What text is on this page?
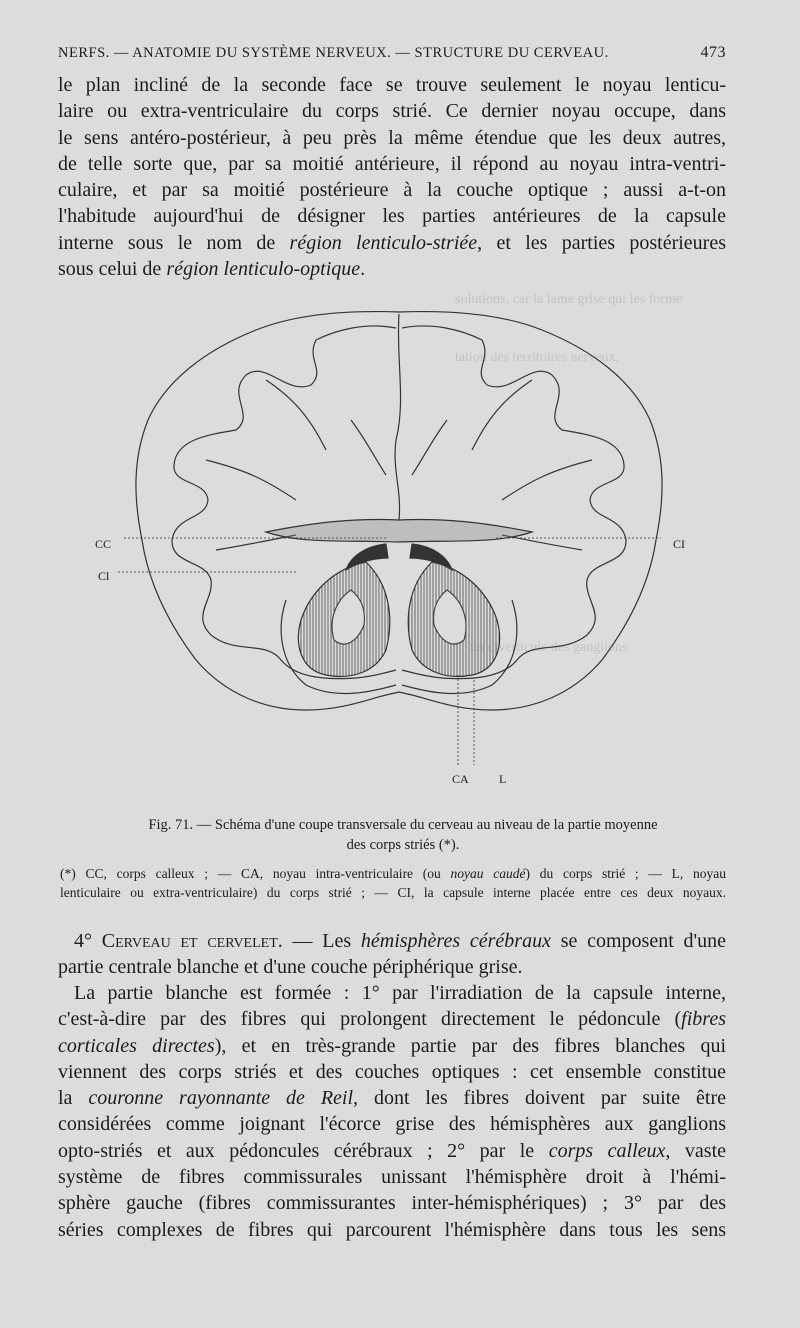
solutions, car la lame grise qui les forme
tation des territoires nerveux,
un diverticule des ganglions
NERFS. — ANATOMIE DU SYSTÈME NERVEUX. — STRUCTURE DU CERVEAU.	473
le plan incliné de la seconde face se trouve seulement le noyau lenticu-
laire ou extra-ventriculaire du corps strié. Ce dernier noyau occupe, dans
le sens antéro-postérieur, à peu près la même étendue que les deux autres,
de telle sorte que, par sa moitié antérieure, il répond au noyau intra-ventri-
culaire, et par sa moitié postérieure à la couche optique ; aussi a-t-on
l'habitude aujourd'hui de désigner les parties antérieures de la capsule
interne sous le nom de région lenticulo-striée, et les parties postérieures
sous celui de région lenticulo-optique.
CC
Cl
CI
CA	L
Fig. 71. — Schéma d'une coupe transversale du cerveau au niveau de la partie moyenne
des corps striés (*).
(*) CC, corps calleux ; — CA, noyau intra-ventriculaire (ou noyau caudé) du corps strié ; — L, noyau
lenticulaire ou extra-ventriculaire) du corps strié ; — CI, la capsule interne placée entre ces deux noyaux.
4° Cerveau et cervelet. — Les hémisphères cérébraux se composent d'une
partie centrale blanche et d'une couche périphérique grise.
La partie blanche est formée : 1° par l'irradiation de la capsule interne,
c'est-à-dire par des fibres qui prolongent directement le pédoncule (fibres
corticales directes), et en très-grande partie par des fibres blanches qui
viennent des corps striés et des couches optiques : cet ensemble constitue
la couronne rayonnante de Reil, dont les fibres doivent par suite être
considérées comme joignant l'écorce grise des hémisphères aux ganglions
opto-striés et aux pédoncules cérébraux ; 2° par le corps calleux, vaste
système de fibres commissurales unissant l'hémisphère droit à l'hémi-
sphère gauche (fibres commissurantes inter-hémisphériques) ; 3° par des
séries complexes de fibres qui parcourent l'hémisphère dans tous les sens
